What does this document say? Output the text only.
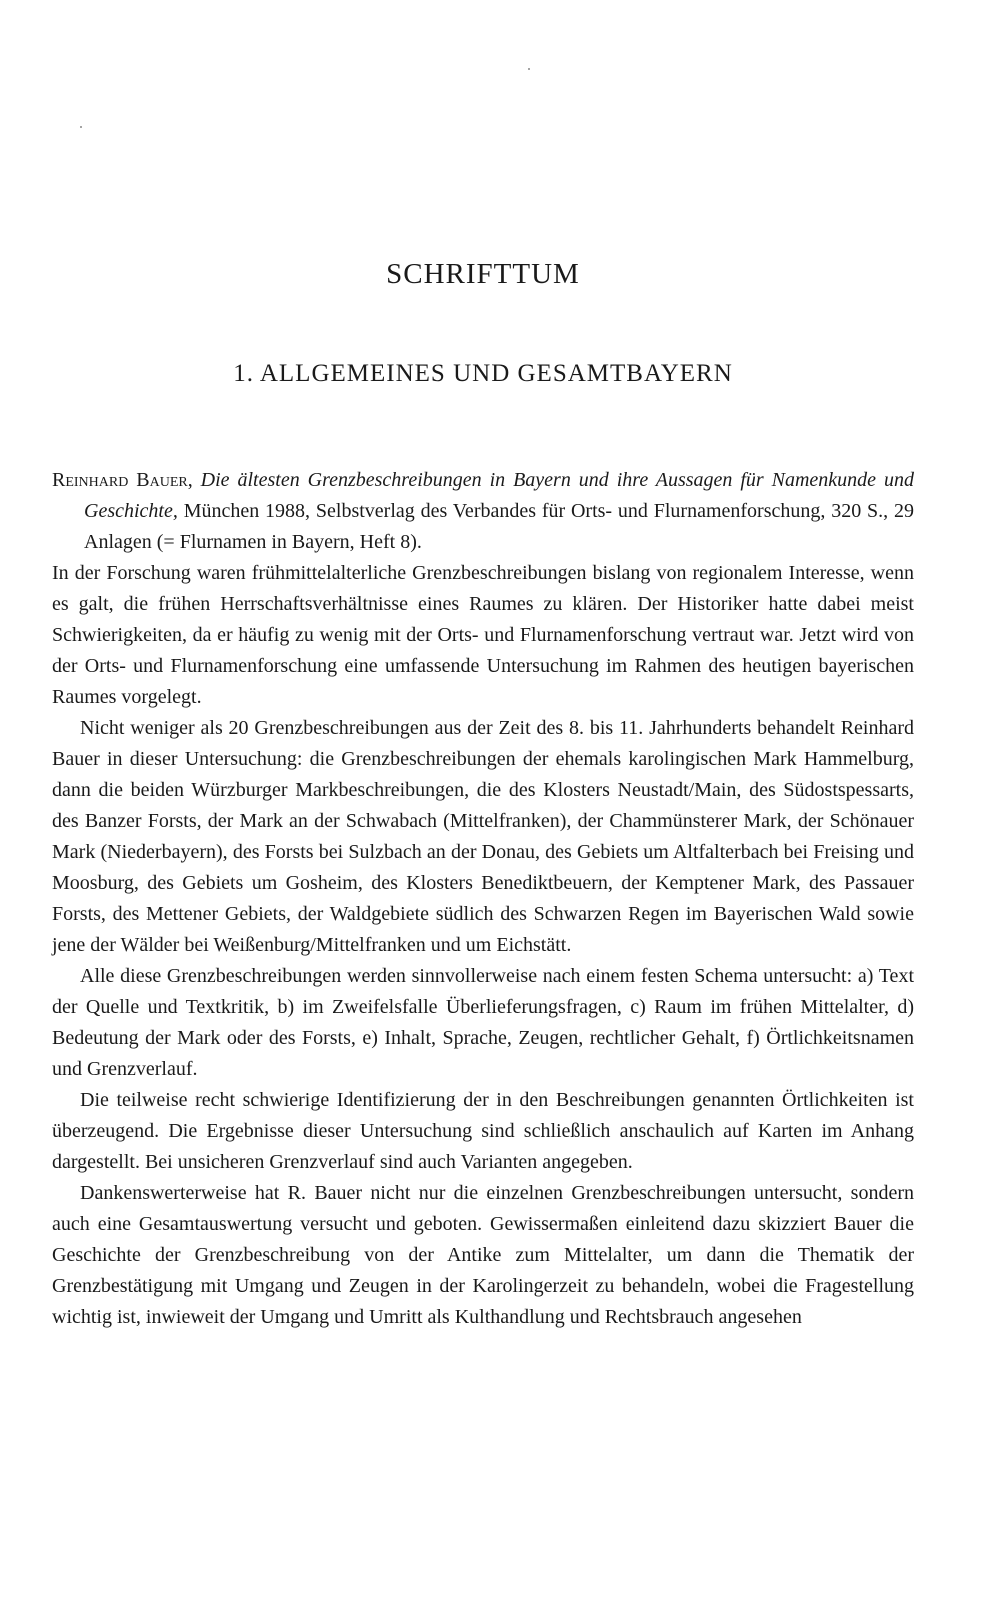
SCHRIFTTUM
1. ALLGEMEINES UND GESAMTBAYERN

Reinhard Bauer, Die ältesten Grenzbeschreibungen in Bayern und ihre Aussagen für Namenkunde und Geschichte, München 1988, Selbstverlag des Verbandes für Orts- und Flurnamenforschung, 320 S., 29 Anlagen (= Flurnamen in Bayern, Heft 8).

In der Forschung waren frühmittelalterliche Grenzbeschreibungen bislang von regionalem Interesse, wenn es galt, die frühen Herrschaftsverhältnisse eines Raumes zu klären. Der Historiker hatte dabei meist Schwierigkeiten, da er häufig zu wenig mit der Orts- und Flurnamenforschung vertraut war. Jetzt wird von der Orts- und Flurnamenforschung eine umfassende Untersuchung im Rahmen des heutigen bayerischen Raumes vorgelegt.

Nicht weniger als 20 Grenzbeschreibungen aus der Zeit des 8. bis 11. Jahrhunderts behandelt Reinhard Bauer in dieser Untersuchung: die Grenzbeschreibungen der ehemals karolingischen Mark Hammelburg, dann die beiden Würzburger Markbeschreibungen, die des Klosters Neustadt/Main, des Südostspessarts, des Banzer Forsts, der Mark an der Schwabach (Mittelfranken), der Chammünsterer Mark, der Schönauer Mark (Niederbayern), des Forsts bei Sulzbach an der Donau, des Gebiets um Altfalterbach bei Freising und Moosburg, des Gebiets um Gosheim, des Klosters Benediktbeuern, der Kemptener Mark, des Passauer Forsts, des Mettener Gebiets, der Waldgebiete südlich des Schwarzen Regen im Bayerischen Wald sowie jene der Wälder bei Weißenburg/Mittelfranken und um Eichstätt.

Alle diese Grenzbeschreibungen werden sinnvollerweise nach einem festen Schema untersucht: a) Text der Quelle und Textkritik, b) im Zweifelsfalle Überlieferungsfragen, c) Raum im frühen Mittelalter, d) Bedeutung der Mark oder des Forsts, e) Inhalt, Sprache, Zeugen, rechtlicher Gehalt, f) Örtlichkeitsnamen und Grenzverlauf.

Die teilweise recht schwierige Identifizierung der in den Beschreibungen genannten Örtlichkeiten ist überzeugend. Die Ergebnisse dieser Untersuchung sind schließlich anschaulich auf Karten im Anhang dargestellt. Bei unsicheren Grenzverlauf sind auch Varianten angegeben.

Dankenswerterweise hat R. Bauer nicht nur die einzelnen Grenzbeschreibungen untersucht, sondern auch eine Gesamtauswertung versucht und geboten. Gewissermaßen einleitend dazu skizziert Bauer die Geschichte der Grenzbeschreibung von der Antike zum Mittelalter, um dann die Thematik der Grenzbestätigung mit Umgang und Zeugen in der Karolingerzeit zu behandeln, wobei die Fragestellung wichtig ist, inwieweit der Umgang und Umritt als Kulthandlung und Rechtsbrauch angesehen
